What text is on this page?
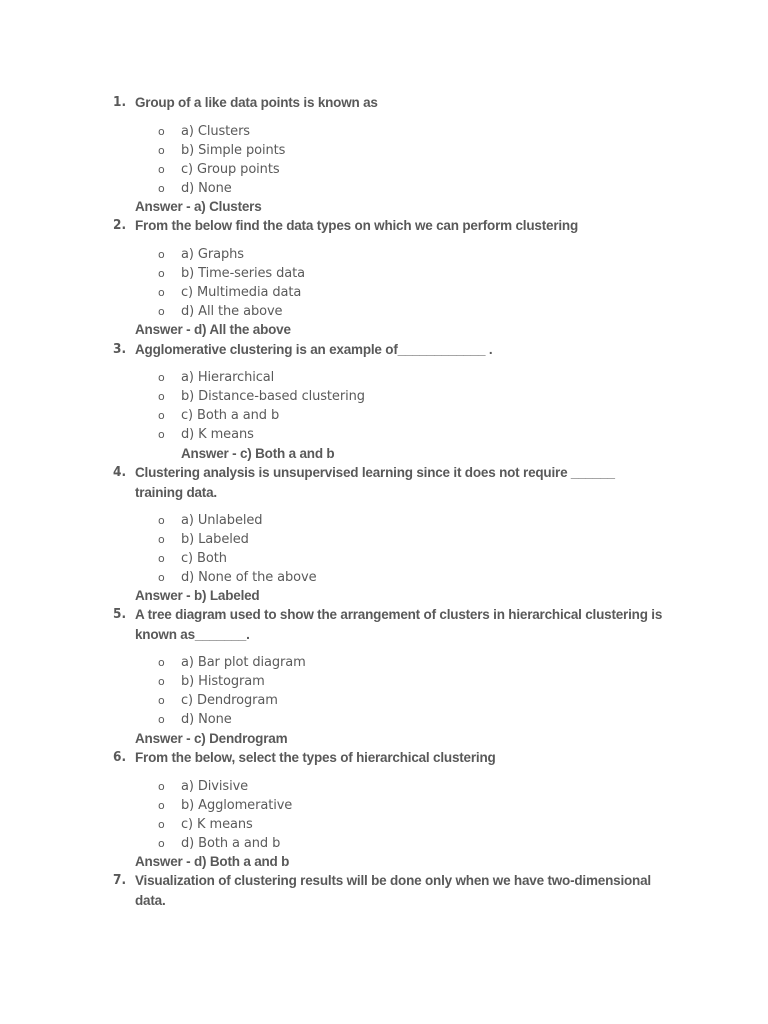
1. Group of a like data points is known as
o a) Clusters
o b) Simple points
o c) Group points
o d) None
Answer - a) Clusters
2. From the below find the data types on which we can perform clustering
o a) Graphs
o b) Time-series data
o c) Multimedia data
o d) All the above
Answer - d) All the above
3. Agglomerative clustering is an example of____________ .
o a) Hierarchical
o b) Distance-based clustering
o c) Both a and b
o d) K means
Answer - c) Both a and b
4. Clustering analysis is unsupervised learning since it does not require ______ training data.
o a) Unlabeled
o b) Labeled
o c) Both
o d) None of the above
Answer - b) Labeled
5. A tree diagram used to show the arrangement of clusters in hierarchical clustering is known as_______.
o a) Bar plot diagram
o b) Histogram
o c) Dendrogram
o d) None
Answer - c) Dendrogram
6. From the below, select the types of hierarchical clustering
o a) Divisive
o b) Agglomerative
o c) K means
o d) Both a and b
Answer - d) Both a and b
7. Visualization of clustering results will be done only when we have two-dimensional data.
